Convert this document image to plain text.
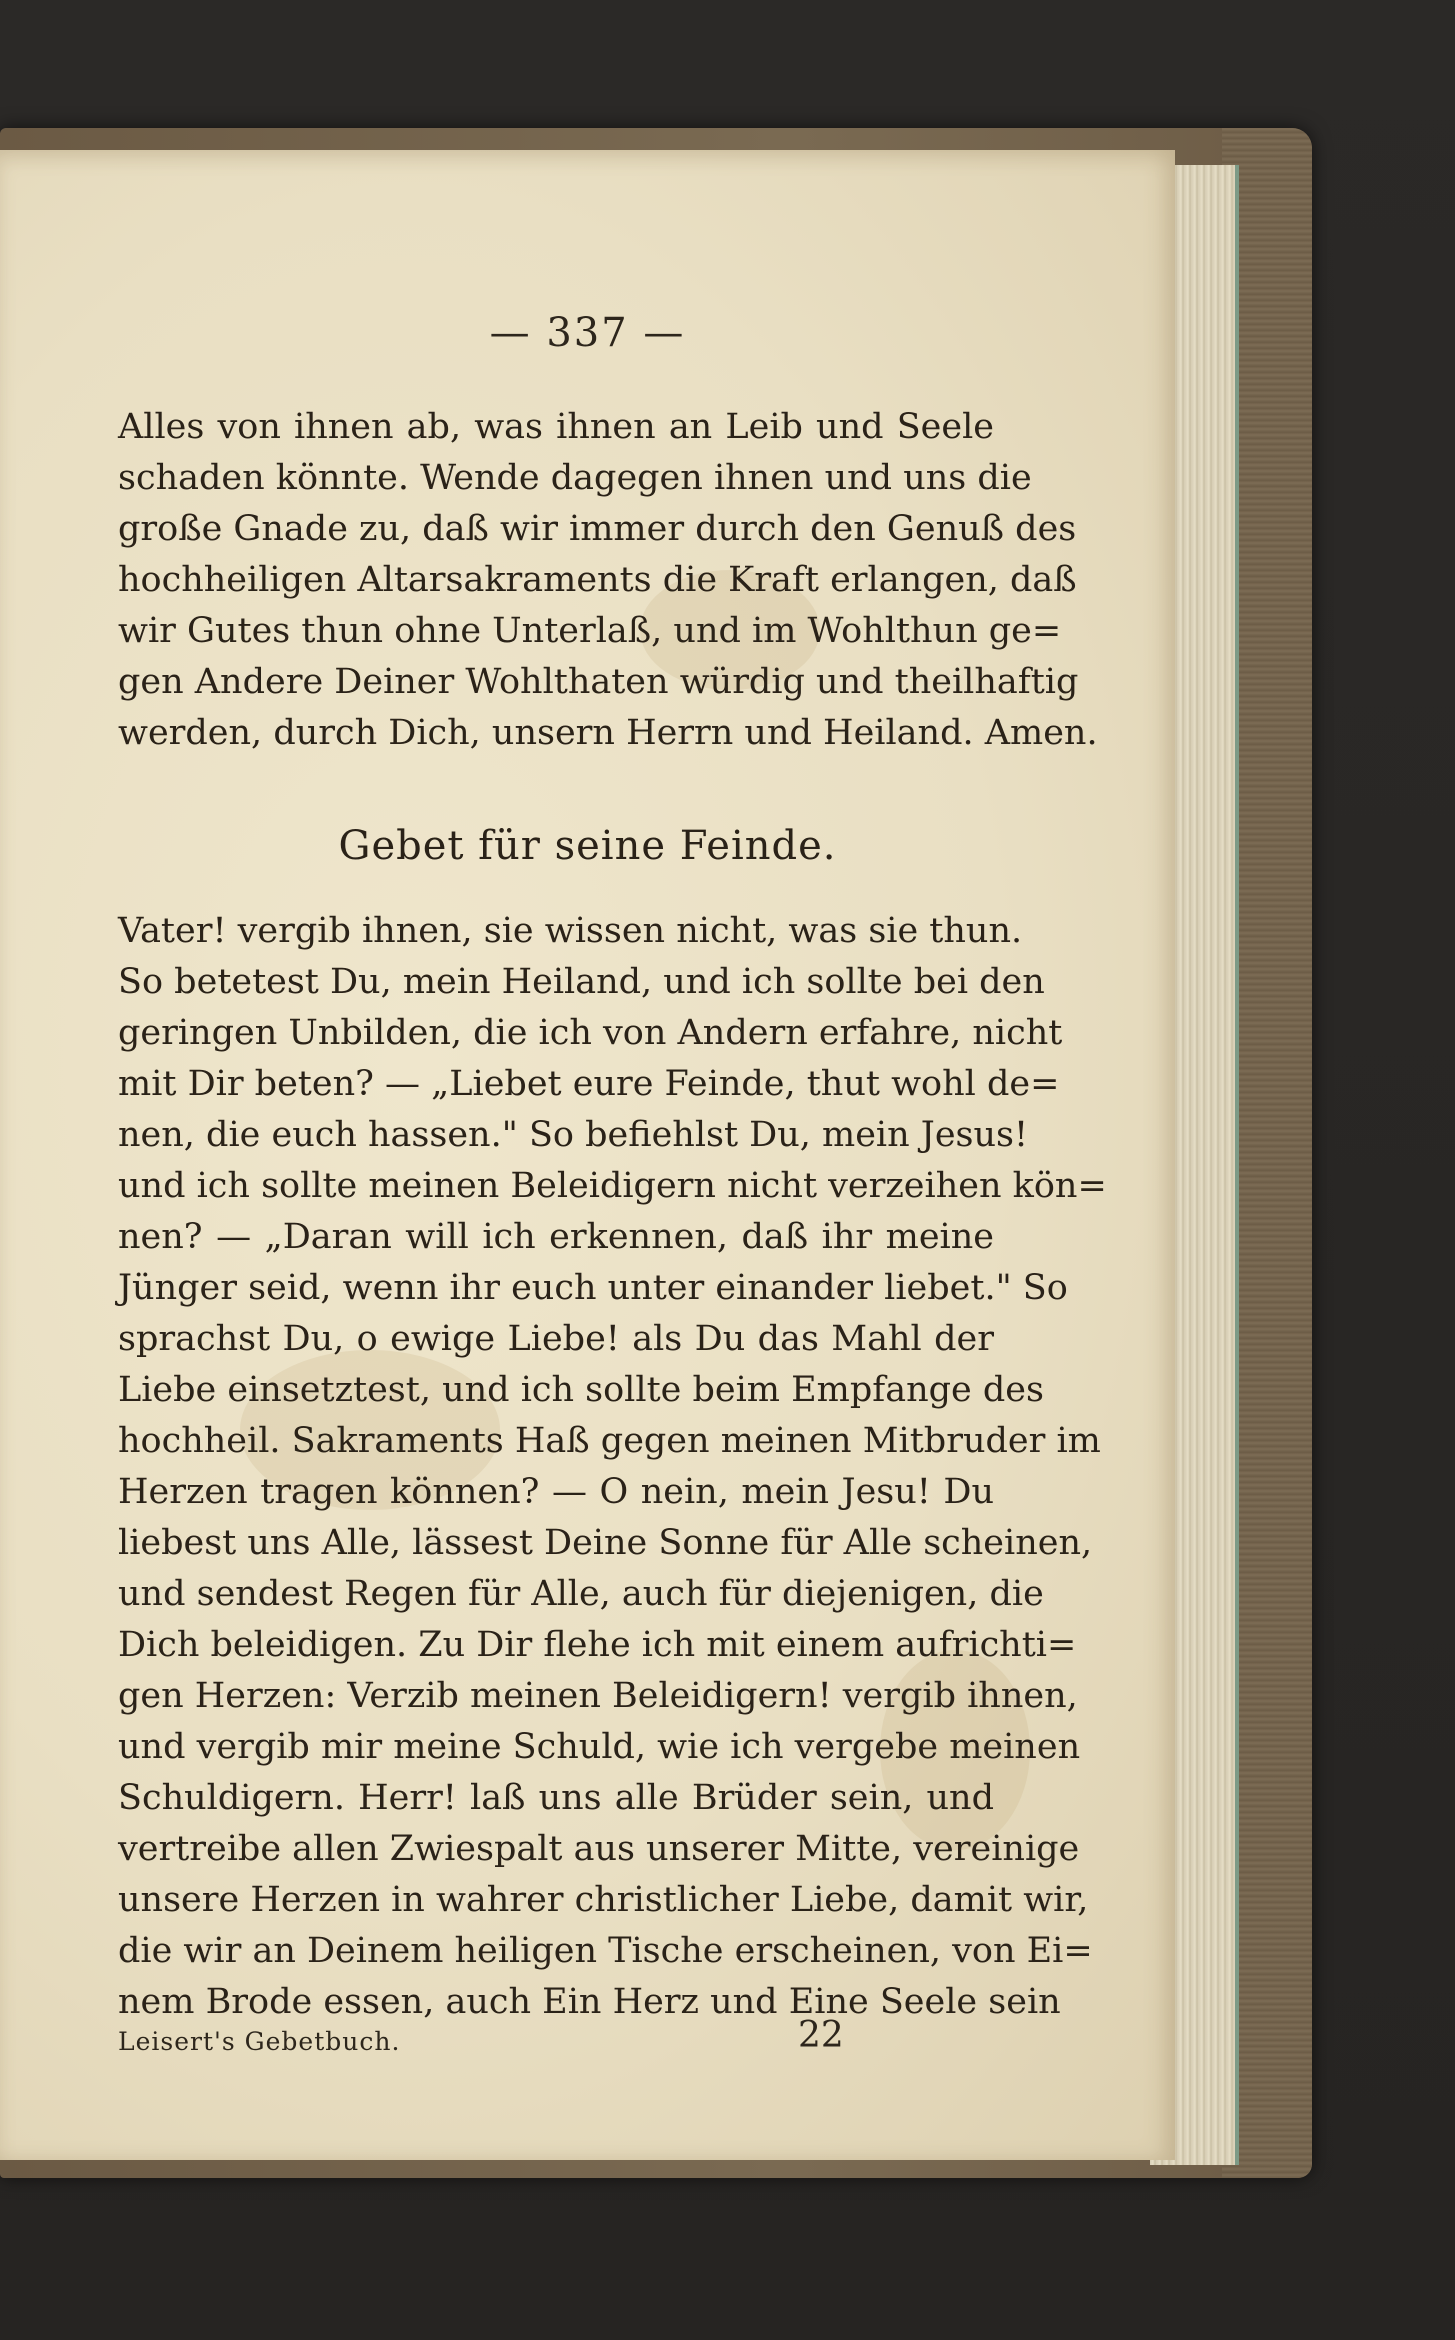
— 337 —
Alles von ihnen ab, was ihnen an Leib und Seele
schaden könnte. Wende dagegen ihnen und uns die
große Gnade zu, daß wir immer durch den Genuß des
hochheiligen Altarsakraments die Kraft erlangen, daß
wir Gutes thun ohne Unterlaß, und im Wohlthun ge=
gen Andere Deiner Wohlthaten würdig und theilhaftig
werden, durch Dich, unsern Herrn und Heiland. Amen.
Gebet für seine Feinde.
Vater! vergib ihnen, sie wissen nicht, was sie thun.
So betetest Du, mein Heiland, und ich sollte bei den
geringen Unbilden, die ich von Andern erfahre, nicht
mit Dir beten? — „Liebet eure Feinde, thut wohl de=
nen, die euch hassen." So befiehlst Du, mein Jesus!
und ich sollte meinen Beleidigern nicht verzeihen kön=
nen? — „Daran will ich erkennen, daß ihr meine
Jünger seid, wenn ihr euch unter einander liebet." So
sprachst Du, o ewige Liebe! als Du das Mahl der
Liebe einsetztest, und ich sollte beim Empfange des
hochheil. Sakraments Haß gegen meinen Mitbruder im
Herzen tragen können? — O nein, mein Jesu! Du
liebest uns Alle, lässest Deine Sonne für Alle scheinen,
und sendest Regen für Alle, auch für diejenigen, die
Dich beleidigen. Zu Dir flehe ich mit einem aufrichti=
gen Herzen: Verzib meinen Beleidigern! vergib ihnen,
und vergib mir meine Schuld, wie ich vergebe meinen
Schuldigern. Herr! laß uns alle Brüder sein, und
vertreibe allen Zwiespalt aus unserer Mitte, vereinige
unsere Herzen in wahrer christlicher Liebe, damit wir,
die wir an Deinem heiligen Tische erscheinen, von Ei=
nem Brode essen, auch Ein Herz und Eine Seele sein
Leisert's Gebetbuch.	22
